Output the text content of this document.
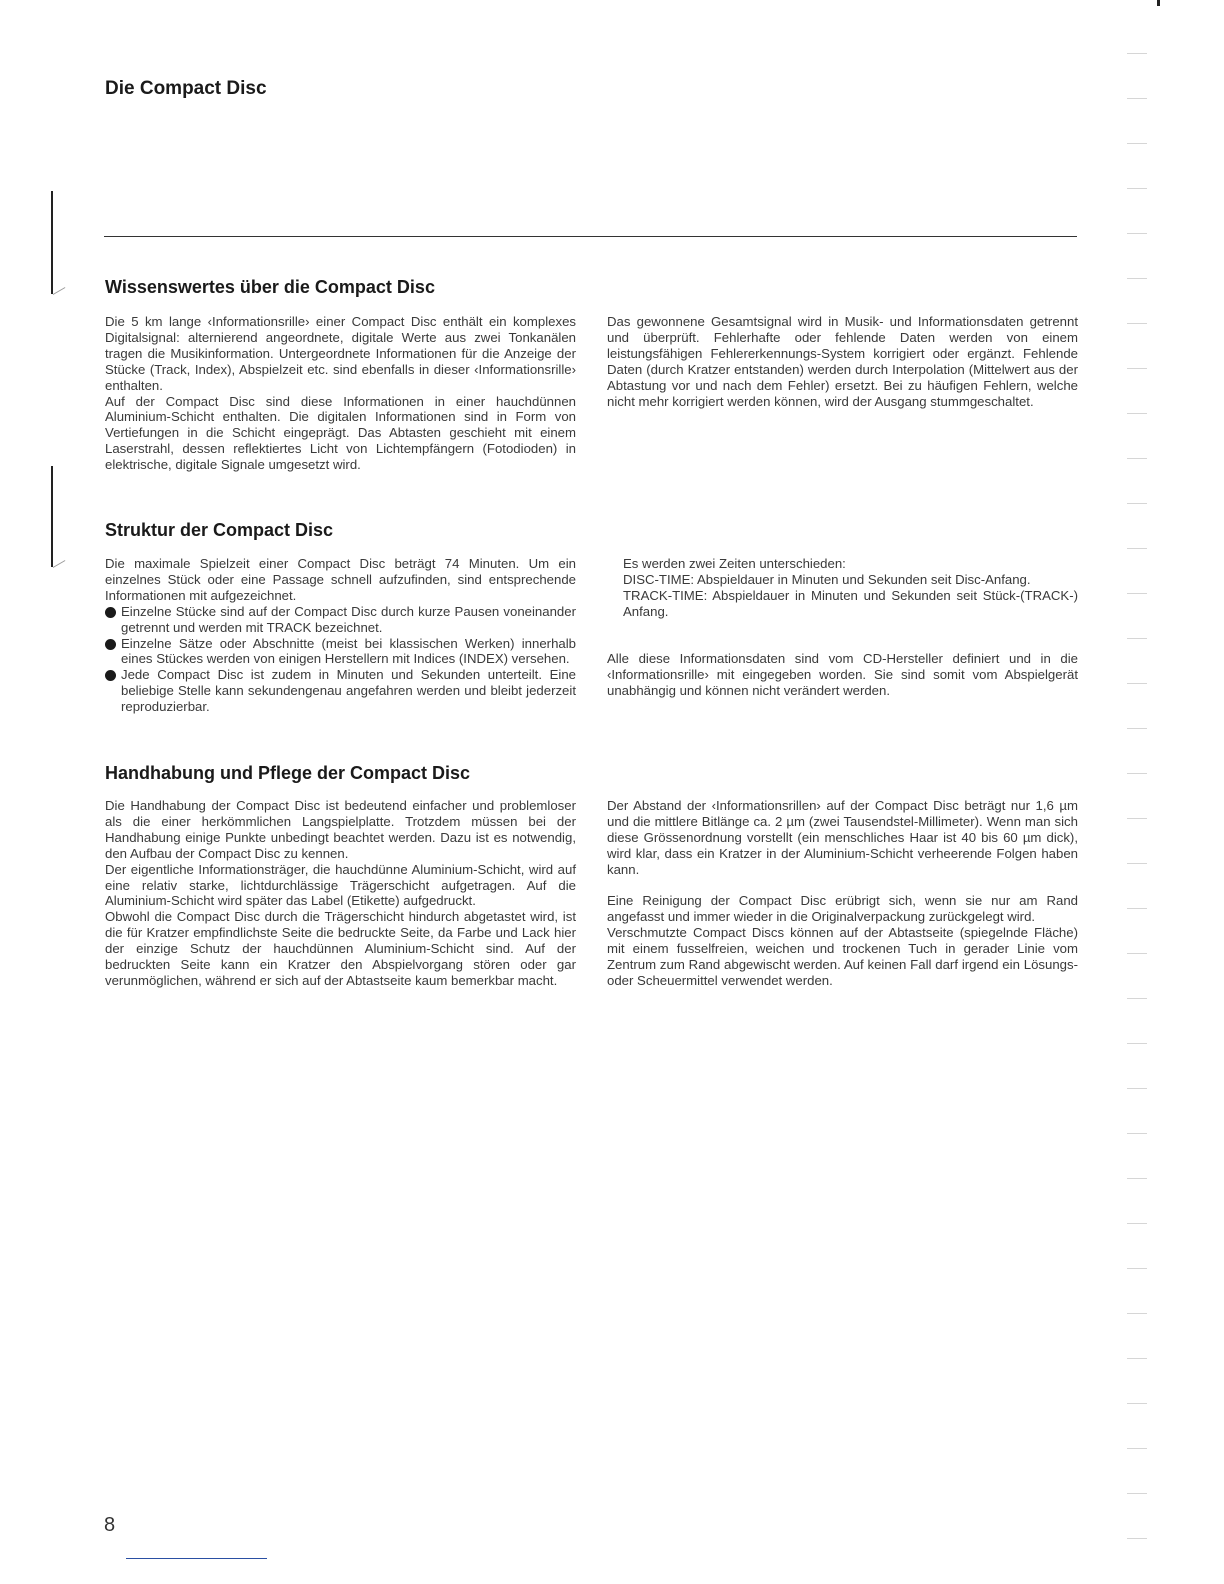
Die Compact Disc
Wissenswertes über die Compact Disc

Die 5 km lange ‹Informationsrille› einer Compact Disc enthält ein komplexes Digitalsignal: alternierend angeordnete, digitale Werte aus zwei Tonkanälen tragen die Musikinformation. Untergeordnete Informationen für die Anzeige der Stücke (Track, Index), Abspielzeit etc. sind ebenfalls in dieser ‹Informationsrille› enthalten.

Auf der Compact Disc sind diese Informationen in einer hauchdünnen Aluminium-Schicht enthalten. Die digitalen Informationen sind in Form von Vertiefungen in die Schicht eingeprägt. Das Abtasten geschieht mit einem Laserstrahl, dessen reflektiertes Licht von Lichtempfängern (Fotodioden) in elektrische, digitale Signale umgesetzt wird.

Das gewonnene Gesamtsignal wird in Musik- und Informationsdaten getrennt und überprüft. Fehlerhafte oder fehlende Daten werden von einem leistungsfähigen Fehlererkennungs-System korrigiert oder ergänzt. Fehlende Daten (durch Kratzer entstanden) werden durch Interpolation (Mittelwert aus der Abtastung vor und nach dem Fehler) ersetzt. Bei zu häufigen Fehlern, welche nicht mehr korrigiert werden können, wird der Ausgang stummgeschaltet.

Struktur der Compact Disc

Die maximale Spielzeit einer Compact Disc beträgt 74 Minuten. Um ein einzelnes Stück oder eine Passage schnell aufzufinden, sind entsprechende Informationen mit aufgezeichnet.

Einzelne Stücke sind auf der Compact Disc durch kurze Pausen voneinander getrennt und werden mit TRACK bezeichnet.
Einzelne Sätze oder Abschnitte (meist bei klassischen Werken) innerhalb eines Stückes werden von einigen Herstellern mit Indices (INDEX) versehen.
Jede Compact Disc ist zudem in Minuten und Sekunden unterteilt. Eine beliebige Stelle kann sekundengenau angefahren werden und bleibt jederzeit reproduzierbar.

Es werden zwei Zeiten unterschieden:

DISC-TIME: Abspieldauer in Minuten und Sekunden seit Disc-Anfang.

TRACK-TIME: Abspieldauer in Minuten und Sekunden seit Stück-(TRACK-) Anfang.

Alle diese Informationsdaten sind vom CD-Hersteller definiert und in die ‹Informationsrille› mit eingegeben worden. Sie sind somit vom Abspielgerät unabhängig und können nicht verändert werden.

Handhabung und Pflege der Compact Disc

Die Handhabung der Compact Disc ist bedeutend einfacher und problemloser als die einer herkömmlichen Langspielplatte. Trotzdem müssen bei der Handhabung einige Punkte unbedingt beachtet werden. Dazu ist es notwendig, den Aufbau der Compact Disc zu kennen.

Der eigentliche Informationsträger, die hauchdünne Aluminium-Schicht, wird auf eine relativ starke, lichtdurchlässige Trägerschicht aufgetragen. Auf die Aluminium-Schicht wird später das Label (Etikette) aufgedruckt.

Obwohl die Compact Disc durch die Trägerschicht hindurch abgetastet wird, ist die für Kratzer empfindlichste Seite die bedruckte Seite, da Farbe und Lack hier der einzige Schutz der hauchdünnen Aluminium-Schicht sind. Auf der bedruckten Seite kann ein Kratzer den Abspielvorgang stören oder gar verunmöglichen, während er sich auf der Abtastseite kaum bemerkbar macht.

Der Abstand der ‹Informationsrillen› auf der Compact Disc beträgt nur 1,6 µm und die mittlere Bitlänge ca. 2 µm (zwei Tausendstel-Millimeter). Wenn man sich diese Grössenordnung vorstellt (ein menschliches Haar ist 40 bis 60 µm dick), wird klar, dass ein Kratzer in der Aluminium-Schicht verheerende Folgen haben kann.

Eine Reinigung der Compact Disc erübrigt sich, wenn sie nur am Rand angefasst und immer wieder in die Originalverpackung zurückgelegt wird.

Verschmutzte Compact Discs können auf der Abtastseite (spiegelnde Fläche) mit einem fusselfreien, weichen und trockenen Tuch in gerader Linie vom Zentrum zum Rand abgewischt werden. Auf keinen Fall darf irgend ein Lösungs- oder Scheuermittel verwendet werden.

8
